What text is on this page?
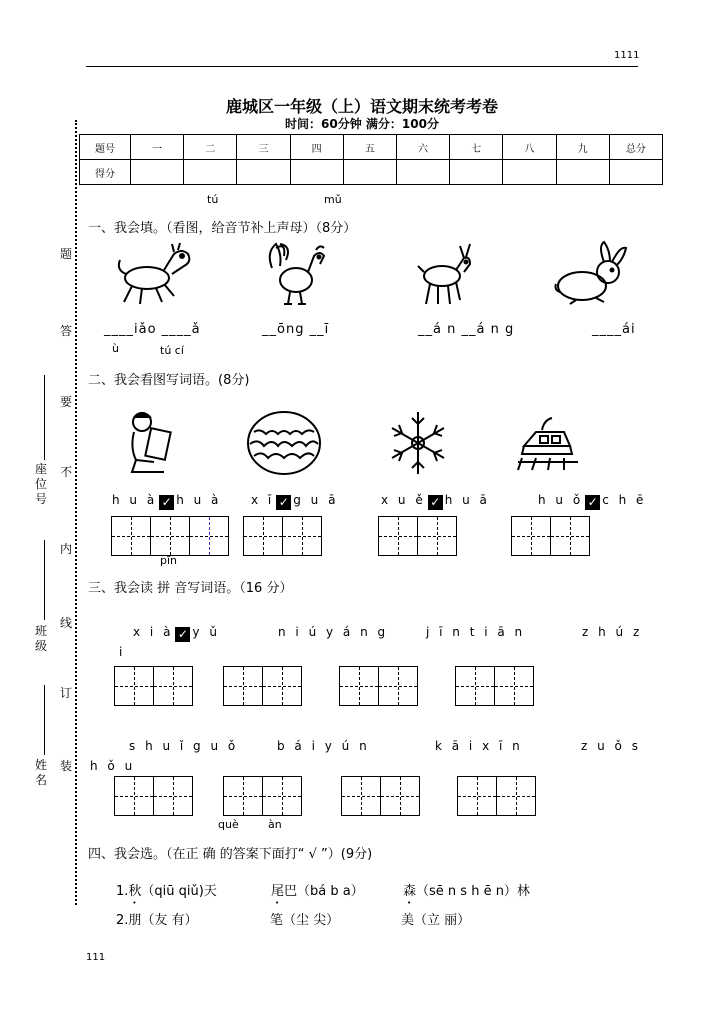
1111
鹿城区一年级（上）语文期末统考考卷
时间：60分钟 满分：100分
题
答
要
不
内
线
订
装
座位号
班级
姓名
题号	一	二	三	四	五	六	七	八	九	总分
得分										
tú	mǔ
一、我会填。（看图，给音节补上声母）（8分）
____iǎo ____ǎ	__ōng __ī	__á n __á n g	____ái
ù	tú cí
二、我会看图写词语。(8分)
h u à ✓ h u à x ī ✓ g u ā	x u ě ✓ h u ā	h u ǒ ✓ c h ē
pīn
三、我会读 拼 音写词语。（16 分）
x i à ✓ y ǔ	n i ú y á n g	j ī n t i ā n	z h ú z
i
s h u ǐ g u ǒ	b á i y ú n	k ā i x ī n	z u ǒ s
h ǒ u
què	àn
四、我会选。（在正 确 的答案下面打“ √ ”）(9分)
1.秋（qiū qiǔ)天	尾巴（bá b a）	森（sē n s h ē n）林
2.朋（友 有）	笔（尘 尖）	美（立 丽）
111
